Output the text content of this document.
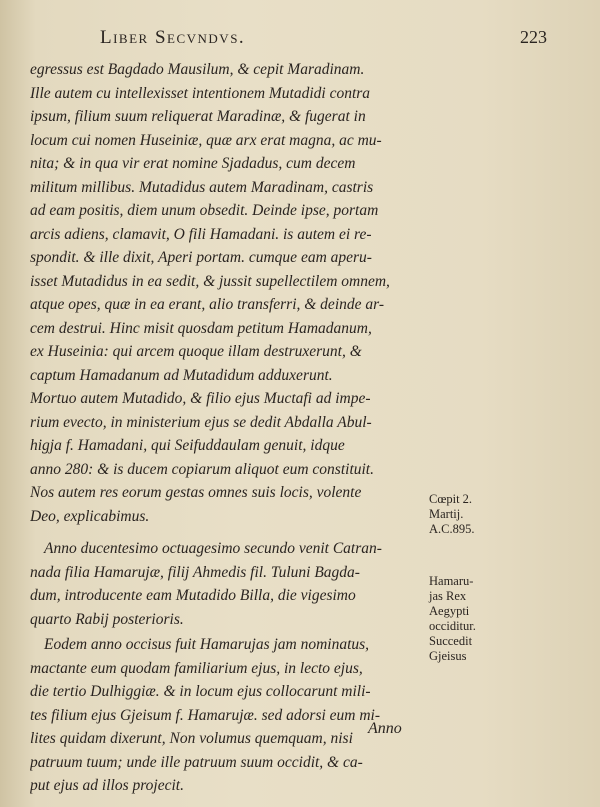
Liber Secvndvs.	223
egressus est Bagdado Mausilum, & cepit Maradinam.
Ille autem cu intellexisset intentionem Mutadidi contra
ipsum, filium suum reliquerat Maradinæ, & fugerat in
locum cui nomen Huseiniæ, quæ arx erat magna, ac mu-
nita; & in qua vir erat nomine Sjadadus, cum decem
militum millibus. Mutadidus autem Maradinam, castris
ad eam positis, diem unum obsedit. Deinde ipse, portam
arcis adiens, clamavit, O fili Hamadani. is autem ei re-
spondit. & ille dixit, Aperi portam. cumque eam aperu-
isset Mutadidus in ea sedit, & jussit supellectilem omnem,
atque opes, quæ in ea erant, alio transferri, & deinde ar-
cem destrui. Hinc misit quosdam petitum Hamadanum,
ex Huseinia: qui arcem quoque illam destruxerunt, &
captum Hamadanum ad Mutadidum adduxerunt.
Mortuo autem Mutadido, & filio ejus Muctafi ad impe-
rium evecto, in ministerium ejus se dedit Abdalla Abul-
higja f. Hamadani, qui Seifuddaulam genuit, idque
anno 280: & is ducem copiarum aliquot eum constituit.
Nos autem res eorum gestas omnes suis locis, volente
Deo, explicabimus.
Anno ducentesimo octuagesimo secundo venit Catran-
nada filia Hamarujæ, filij Ahmedis fil. Tuluni Bagda-
dum, introducente eam Mutadido Billa, die vigesimo
quarto Rabij posterioris.
Eodem anno occisus fuit Hamarujas jam nominatus,
mactante eum quodam familiarium ejus, in lecto ejus,
die tertio Dulhiggiæ. & in locum ejus collocarunt mili-
tes filium ejus Gjeisum f. Hamarujæ. sed adorsi eum mi-
lites quidam dixerunt, Non volumus quemquam, nisi
patruum tuum; unde ille patruum suum occidit, & ca-
put ejus ad illos projecit.
Cœpit 2.
Martij.
A.C.895.
Hamaru-
jas Rex
Aegypti
occiditur.
Succedit
Gjeisus
Anno
